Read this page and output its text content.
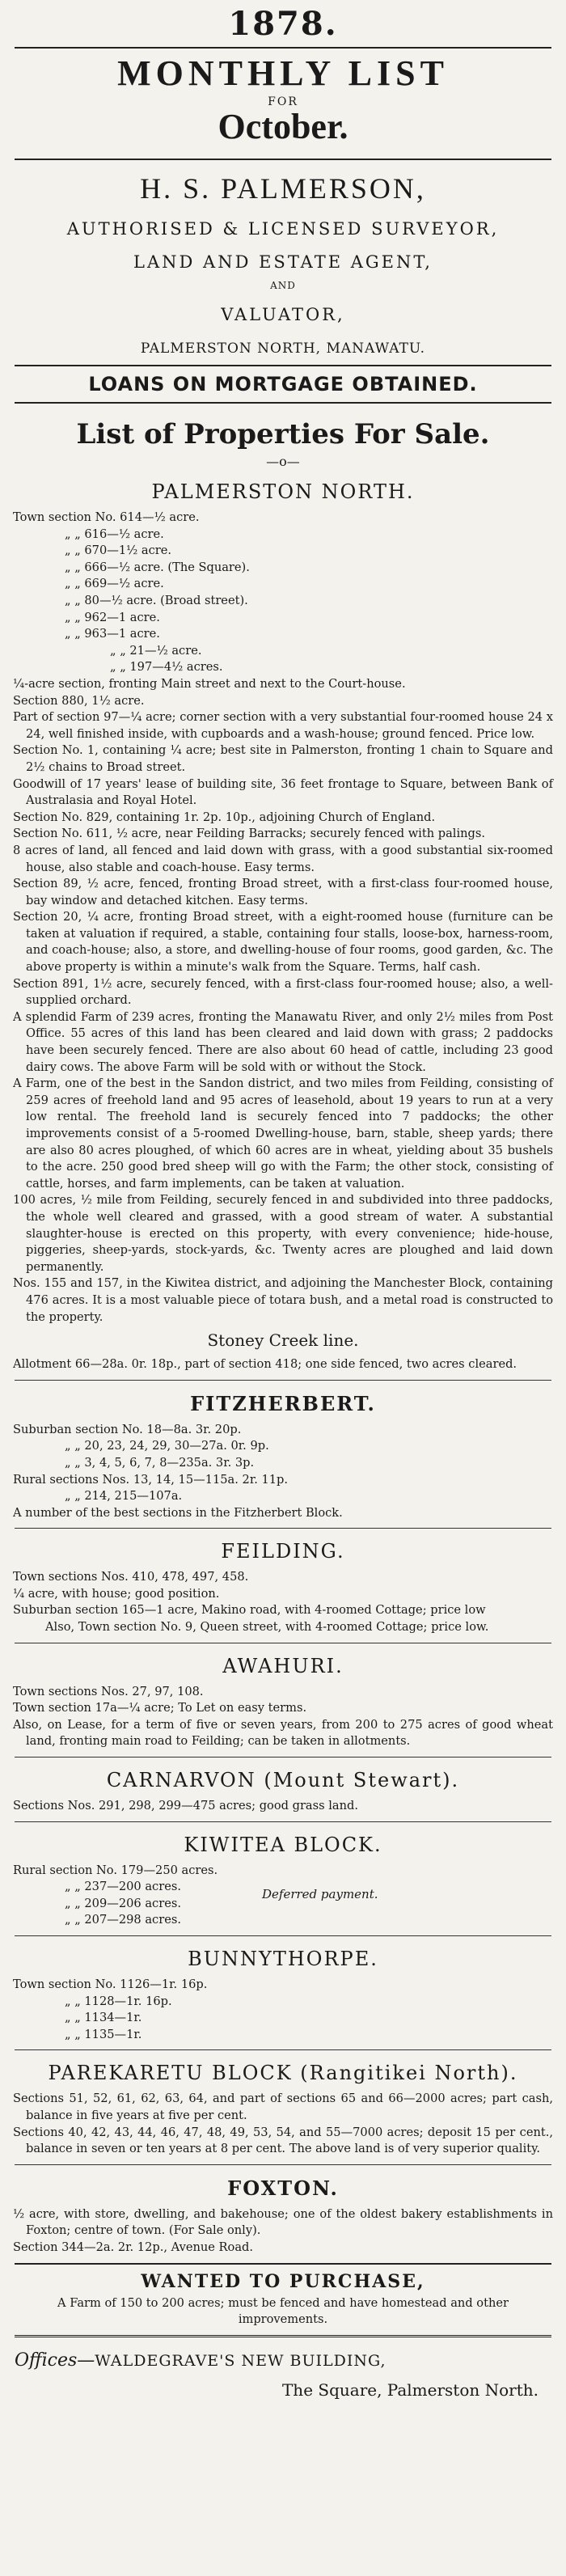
1878.
MONTHLY LIST
FOR
October.
H. S. PALMERSON,
AUTHORISED & LICENSED SURVEYOR,
LAND AND ESTATE AGENT,
AND
VALUATOR,
PALMERSTON NORTH, MANAWATU.
LOANS ON MORTGAGE OBTAINED.
List of Properties For Sale.
—o—
PALMERSTON NORTH.
Town section No. 614—½ acre.
„ „ 616—½ acre.
„ „ 670—1½ acre.
„ „ 666—½ acre. (The Square).
„ „ 669—½ acre.
„ „ 80—½ acre. (Broad street).
„ „ 962—1 acre.
„ „ 963—1 acre.
„ „ 21—½ acre.
„ „ 197—4½ acres.
¼-acre section, fronting Main street and next to the Court-house.
Section 880, 1½ acre.
Part of section 97—¼ acre; corner section with a very substantial four-roomed house 24 x 24, well finished inside, with cupboards and a wash-house; ground fenced. Price low.
Section No. 1, containing ¼ acre; best site in Palmerston, fronting 1 chain to Square and 2½ chains to Broad street.
Goodwill of 17 years' lease of building site, 36 feet frontage to Square, between Bank of Australasia and Royal Hotel.
Section No. 829, containing 1r. 2p. 10p., adjoining Church of England.
Section No. 611, ½ acre, near Feilding Barracks; securely fenced with palings.
8 acres of land, all fenced and laid down with grass, with a good substantial six-roomed house, also stable and coach-house. Easy terms.
Section 89, ½ acre, fenced, fronting Broad street, with a first-class four-roomed house, bay window and detached kitchen. Easy terms.
Section 20, ¼ acre, fronting Broad street, with a eight-roomed house (furniture can be taken at valuation if required, a stable, containing four stalls, loose-box, harness-room, and coach-house; also, a store, and dwelling-house of four rooms, good garden, &c. The above property is within a minute's walk from the Square. Terms, half cash.
Section 891, 1½ acre, securely fenced, with a first-class four-roomed house; also, a well-supplied orchard.
A splendid Farm of 239 acres, fronting the Manawatu River, and only 2½ miles from Post Office. 55 acres of this land has been cleared and laid down with grass; 2 paddocks have been securely fenced. There are also about 60 head of cattle, including 23 good dairy cows. The above Farm will be sold with or without the Stock.
A Farm, one of the best in the Sandon district, and two miles from Feilding, consisting of 259 acres of freehold land and 95 acres of leasehold, about 19 years to run at a very low rental. The freehold land is securely fenced into 7 paddocks; the other improvements consist of a 5-roomed Dwelling-house, barn, stable, sheep yards; there are also 80 acres ploughed, of which 60 acres are in wheat, yielding about 35 bushels to the acre. 250 good bred sheep will go with the Farm; the other stock, consisting of cattle, horses, and farm implements, can be taken at valuation.
100 acres, ½ mile from Feilding, securely fenced in and subdivided into three paddocks, the whole well cleared and grassed, with a good stream of water. A substantial slaughter-house is erected on this property, with every convenience; hide-house, piggeries, sheep-yards, stock-yards, &c. Twenty acres are ploughed and laid down permanently.
Nos. 155 and 157, in the Kiwitea district, and adjoining the Manchester Block, containing 476 acres. It is a most valuable piece of totara bush, and a metal road is constructed to the property.
Stoney Creek line.
Allotment 66—28a. 0r. 18p., part of section 418; one side fenced, two acres cleared.
FITZHERBERT.
Suburban section No. 18—8a. 3r. 20p.
„ „ 20, 23, 24, 29, 30—27a. 0r. 9p.
„ „ 3, 4, 5, 6, 7, 8—235a. 3r. 3p.
Rural sections Nos. 13, 14, 15—115a. 2r. 11p.
„ „ 214, 215—107a.
A number of the best sections in the Fitzherbert Block.
FEILDING.
Town sections Nos. 410, 478, 497, 458.
¼ acre, with house; good position.
Suburban section 165—1 acre, Makino road, with 4-roomed Cottage; price low
Also, Town section No. 9, Queen street, with 4-roomed Cottage; price low.
AWAHURI.
Town sections Nos. 27, 97, 108.
Town section 17a—¼ acre; To Let on easy terms.
Also, on Lease, for a term of five or seven years, from 200 to 275 acres of good wheat land, fronting main road to Feilding; can be taken in allotments.
CARNARVON (Mount Stewart).
Sections Nos. 291, 298, 299—475 acres; good grass land.
KIWITEA BLOCK.
Rural section No. 179—250 acres.
„ „ 237—200 acres.
„ „ 209—206 acres.
„ „ 207—298 acres.
Deferred payment.
BUNNYTHORPE.
Town section No. 1126—1r. 16p.
„ „ 1128—1r. 16p.
„ „ 1134—1r.
„ „ 1135—1r.
PAREKARETU BLOCK (Rangitikei North).
Sections 51, 52, 61, 62, 63, 64, and part of sections 65 and 66—2000 acres; part cash, balance in five years at five per cent.
Sections 40, 42, 43, 44, 46, 47, 48, 49, 53, 54, and 55—7000 acres; deposit 15 per cent., balance in seven or ten years at 8 per cent. The above land is of very superior quality.
FOXTON.
½ acre, with store, dwelling, and bakehouse; one of the oldest bakery establishments in Foxton; centre of town. (For Sale only).
Section 344—2a. 2r. 12p., Avenue Road.
WANTED TO PURCHASE,
A Farm of 150 to 200 acres; must be fenced and have homestead and other improvements.
Offices—WALDEGRAVE'S NEW BUILDING,
The Square, Palmerston North.
